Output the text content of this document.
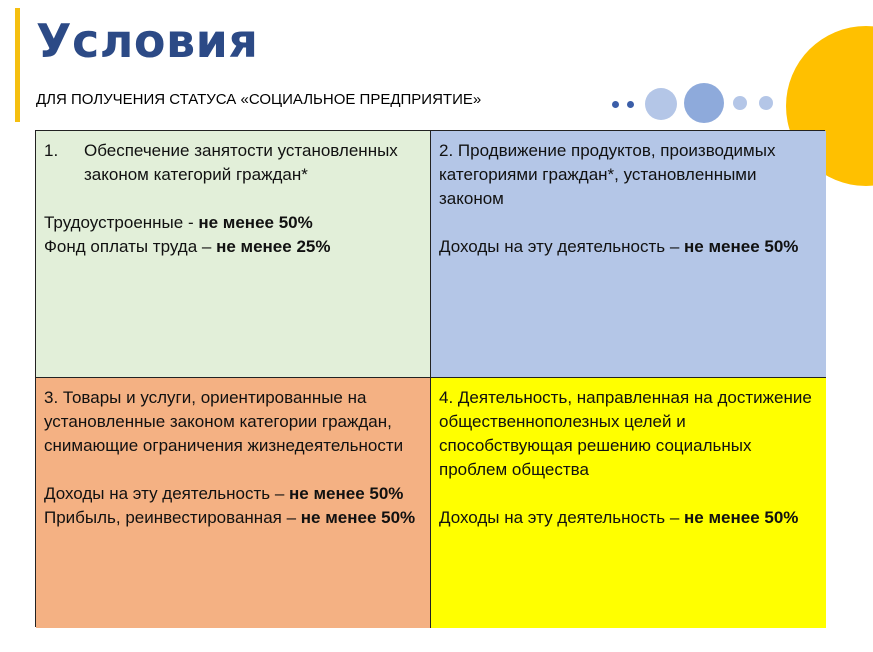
Условия
ДЛЯ ПОЛУЧЕНИЯ СТАТУСА «СОЦИАЛЬНОЕ ПРЕДПРИЯТИЕ»
1.	Обеспечение занятости установленных законом категорий граждан*

Трудоустроенные - не менее 50%

Фонд оплаты труда – не менее 25%

2. Продвижение продуктов, производимых категориями граждан*, установленными законом

Доходы на эту деятельность – не менее 50%

3. Товары и услуги, ориентированные на установленные законом категории граждан, снимающие ограничения жизнедеятельности

Доходы на эту деятельность – не менее 50%

Прибыль, реинвестированная – не менее 50%

4. Деятельность, направленная на достижение общественнополезных целей и способствующая решению социальных проблем общества

Доходы на эту деятельность – не менее 50%
